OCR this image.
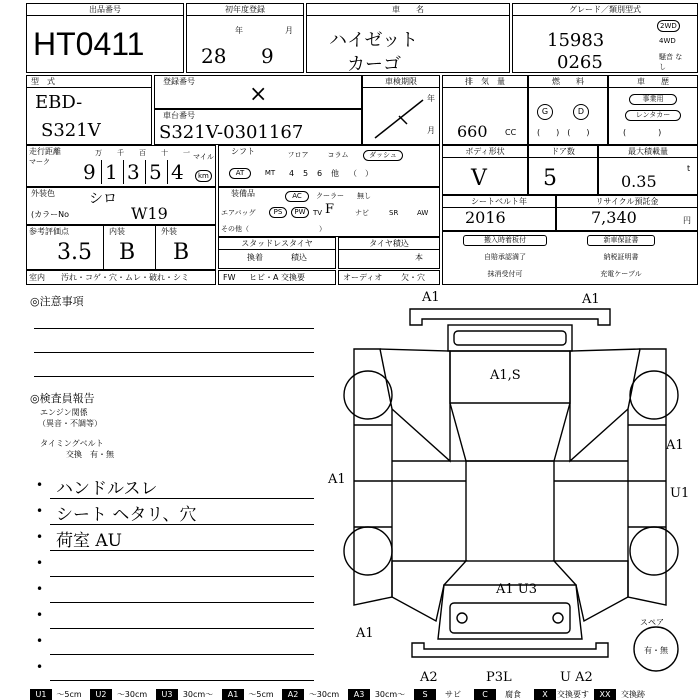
出品番号
HT0411
初年度登録
年	月
28 9
車　　名
ハイゼット
カーゴ
グレード／類別型式
15983
0265
2WD
4WD
騒音 なし
型　式
EBD-
S321V
登録番号
×
車台番号
S321V-0301167
車検期限
年
月
排　気　量
660 CC
燃　　料
G	D
(　　)　(　　)
車　　歴
事業用
レンタカー
(　　　　)
走行距離
マーク
マイル
km
9
万
1
千
3
百
5
十
4
一	シフト	フロア	コラム	ダッシュ
AT	MT	4 5 6 他 （　）
ボディ形状
V
ドア数
5
最大積載量
0.35
t
外装色
(カラーNo
シロ
W19
装備品	AC	クーラー	無し
エアバッグ	PS	PW	TV F	ナビ	SR	AW
その他（　　　　　　　　　　）
シートベルト年
2016
リサイクル預託金
7,340	円
参考評価点	内装	外装
3.5 B B	スタッドレスタイヤ
換着	積込
タイヤ積込
本
搬入時着板付	新車保証書
自賠承認満了	納税証明書
抹消受付可	充電ケーブル
室内 汚れ・コゲ・穴・ムレ・破れ・シミ	FW ヒビ・A 交換要	オーディオ 欠・穴
◎注意事項
◎検査員報告
エンジン関係
（異音・不調等）
タイミングベルト
交換　有・無
• ハンドルスレ
• シート ヘタリ、穴
• 荷室 AU
•
•
•
•
•
A1	A1
A1,S
A1
A1
U1
A1 U3
A1
A2	P3L	U A2
スペア
有・無
U1	〜5cm	U2	〜30cm	U3	30cm〜	A1	〜5cm	A2	〜30cm	A3	30cm〜	S	サビ	C	腐食	X	交換要す	XX	交換跡
